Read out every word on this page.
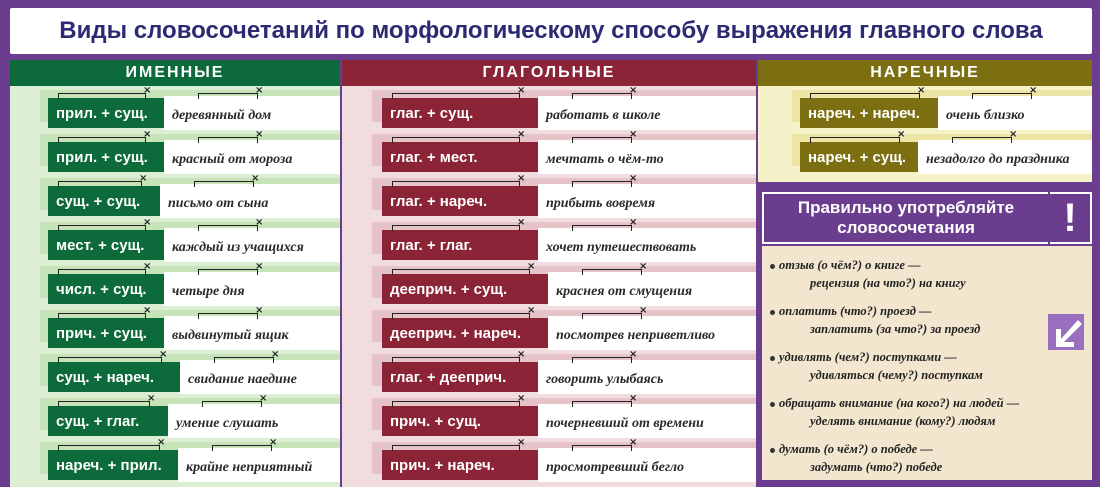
Виды словосочетаний по морфологическому способу выражения главного слова
ИМЕННЫЕ
прил. + сущ.	деревянный дом
×	×
прил. + сущ.	красный от мороза
×	×
сущ. + сущ.	письмо от сына
×	×
мест. + сущ.	каждый из учащихся
×	×
числ. + сущ.	четыре дня
×	×
прич. + сущ.	выдвинутый ящик
×	×
сущ. + нареч.	свидание наедине
×	×
сущ. + глаг.	умение слушать
×	×
нареч. + прил.	крайне неприятный
×	×
ГЛАГОЛЬНЫЕ
глаг. + сущ.	работать в школе
×	×
глаг. + мест.	мечтать о чём-то
×	×
глаг. + нареч.	прибыть вовремя
×	×
глаг. + глаг.	хочет путешествовать
×	×
дееприч. + сущ.	краснея от смущения
×	×
дееприч. + нареч.	посмотрев неприветливо
×	×
глаг. + дееприч.	говорить улыбаясь
×	×
прич. + сущ.	почерневший от времени
×	×
прич. + нареч.	просмотревший бегло
×	×
НАРЕЧНЫЕ
нареч. + нареч.	очень близко
×	×
нареч. + сущ.	незадолго до праздника
×	×
Правильно употребляйте словосочетания	!
отзыв (о чём?) о книге —
рецензия (на что?) на книгу
оплатить (что?) проезд —
заплатить (за что?) за проезд
удивлять (чем?) поступками —
удивляться (чему?) поступкам
обращать внимание (на кого?) на людей —
уделять внимание (кому?) людям
думать (о чём?) о победе —
задумать (что?) победе
